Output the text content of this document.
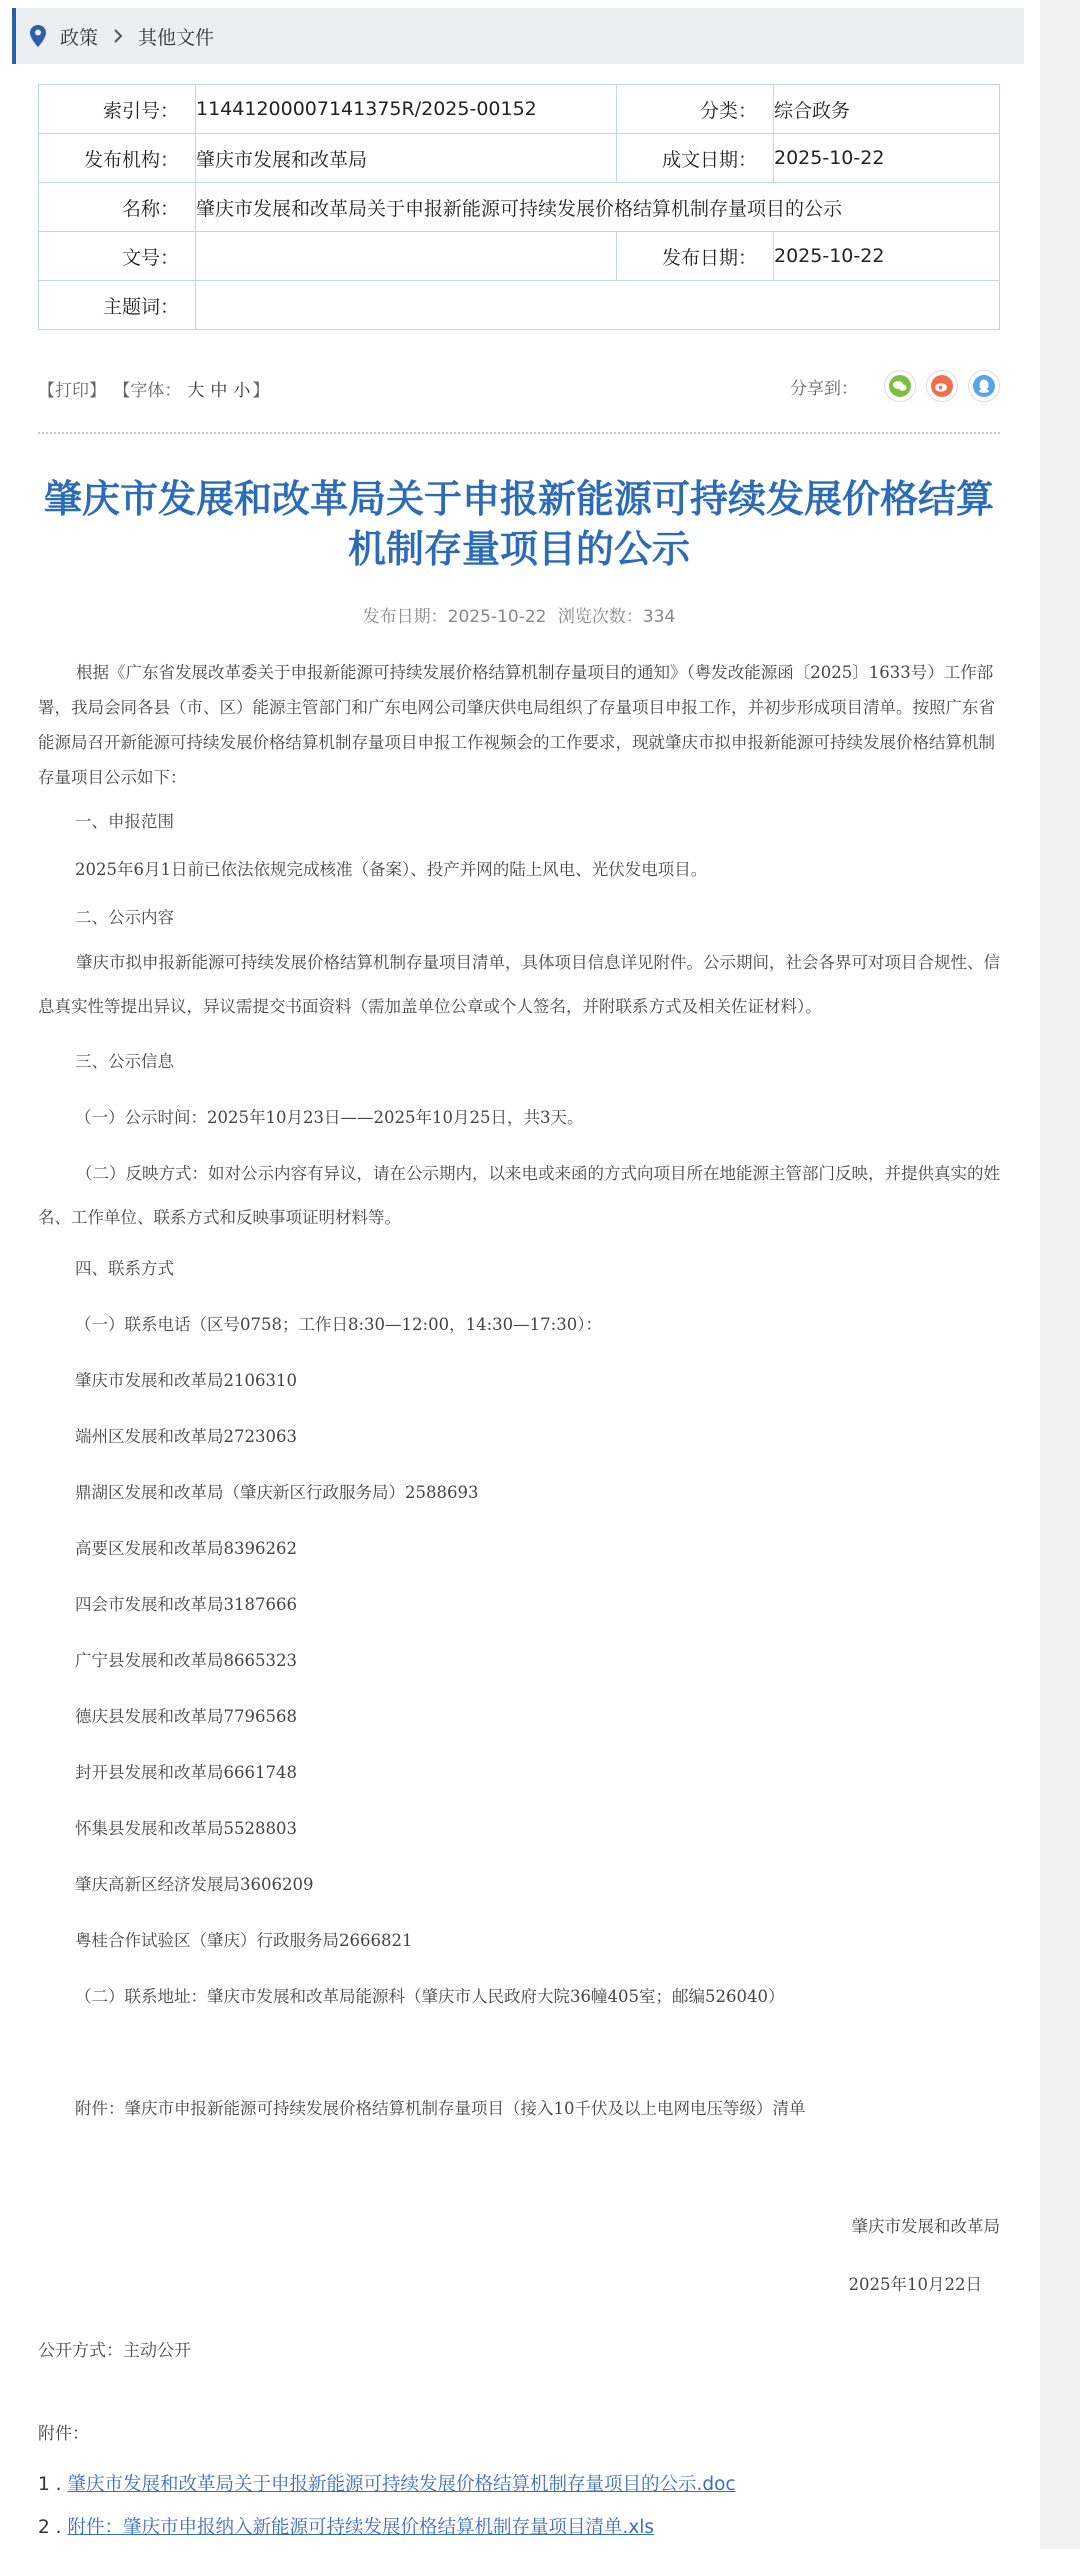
政策 其他文件
索引号：	11441200007141375R/2025-00152	分类：	综合政务
发布机构：	肇庆市发展和改革局	成文日期：	2025-10-22
名称：	肇庆市发展和改革局关于申报新能源可持续发展价格结算机制存量项目的公示		
文号：		发布日期：	2025-10-22
主题词：			
【打印】 【字体： 大 中 小 】	分享到：
肇庆市发展和改革局关于申报新能源可持续发展价格结算机制存量项目的公示
发布日期：2025-10-22 浏览次数：334

根据《广东省发展改革委关于申报新能源可持续发展价格结算机制存量项目的通知》（粤发改能源函〔2025〕1633号）工作部署，我局会同各县（市、区）能源主管部门和广东电网公司肇庆供电局组织了存量项目申报工作，并初步形成项目清单。按照广东省能源局召开新能源可持续发展价格结算机制存量项目申报工作视频会的工作要求，现就肇庆市拟申报新能源可持续发展价格结算机制存量项目公示如下：

一、申报范围

2025年6月1日前已依法依规完成核准（备案）、投产并网的陆上风电、光伏发电项目。

二、公示内容

肇庆市拟申报新能源可持续发展价格结算机制存量项目清单，具体项目信息详见附件。公示期间，社会各界可对项目合规性、信息真实性等提出异议，异议需提交书面资料（需加盖单位公章或个人签名，并附联系方式及相关佐证材料）。

三、公示信息

（一）公示时间：2025年10月23日——2025年10月25日，共3天。

（二）反映方式：如对公示内容有异议，请在公示期内，以来电或来函的方式向项目所在地能源主管部门反映，并提供真实的姓名、工作单位、联系方式和反映事项证明材料等。

四、联系方式

（一）联系电话（区号0758；工作日8:30—12:00，14:30—17:30）：

肇庆市发展和改革局2106310

端州区发展和改革局2723063

鼎湖区发展和改革局（肇庆新区行政服务局）2588693

高要区发展和改革局8396262

四会市发展和改革局3187666

广宁县发展和改革局8665323

德庆县发展和改革局7796568

封开县发展和改革局6661748

怀集县发展和改革局5528803

肇庆高新区经济发展局3606209

粤桂合作试验区（肇庆）行政服务局2666821

（二）联系地址：肇庆市发展和改革局能源科（肇庆市人民政府大院36幢405室；邮编526040）

附件：肇庆市申报新能源可持续发展价格结算机制存量项目（接入10千伏及以上电网电压等级）清单

肇庆市发展和改革局

2025年10月22日

公开方式：主动公开
附件：
1 . 肇庆市发展和改革局关于申报新能源可持续发展价格结算机制存量项目的公示.doc
2 . 附件：肇庆市申报纳入新能源可持续发展价格结算机制存量项目清单.xls
